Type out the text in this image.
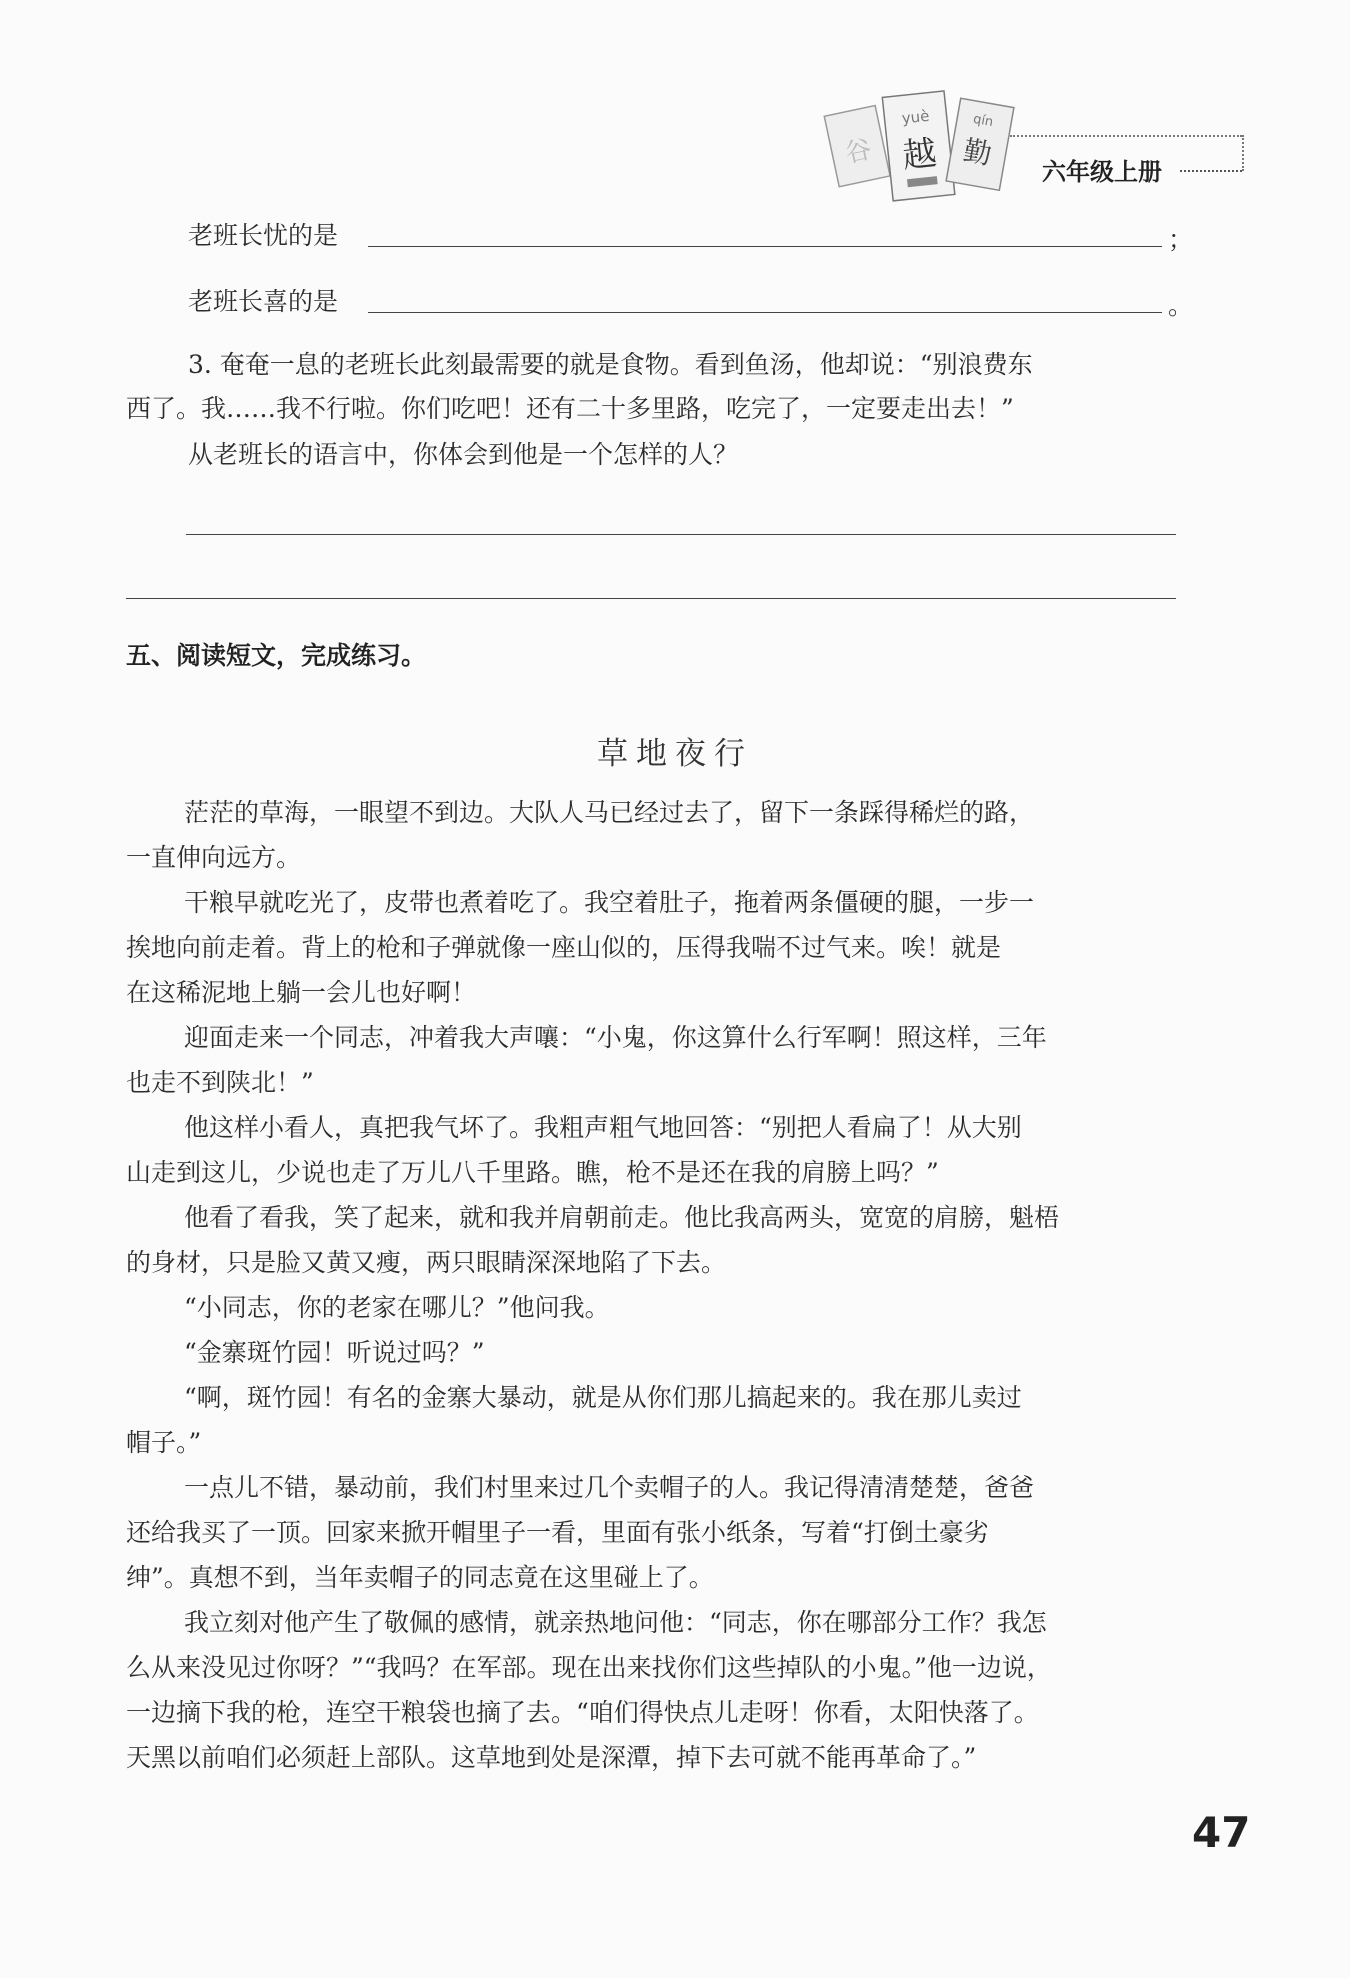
谷
yuè
越
qín
勤
六年级上册
老班长忧的是	；
老班长喜的是	。
3. 奄奄一息的老班长此刻最需要的就是食物。看到鱼汤，他却说：“别浪费东
西了。我……我不行啦。你们吃吧！还有二十多里路，吃完了，一定要走出去！”
从老班长的语言中，你体会到他是一个怎样的人？
五、阅读短文，完成练习。
草地夜行
茫茫的草海，一眼望不到边。大队人马已经过去了，留下一条踩得稀烂的路，
一直伸向远方。
干粮早就吃光了，皮带也煮着吃了。我空着肚子，拖着两条僵硬的腿，一步一
挨地向前走着。背上的枪和子弹就像一座山似的，压得我喘不过气来。唉！就是
在这稀泥地上躺一会儿也好啊！
迎面走来一个同志，冲着我大声嚷：“小鬼，你这算什么行军啊！照这样，三年
也走不到陕北！”
他这样小看人，真把我气坏了。我粗声粗气地回答：“别把人看扁了！从大别
山走到这儿，少说也走了万儿八千里路。瞧，枪不是还在我的肩膀上吗？”
他看了看我，笑了起来，就和我并肩朝前走。他比我高两头，宽宽的肩膀，魁梧
的身材，只是脸又黄又瘦，两只眼睛深深地陷了下去。
“小同志，你的老家在哪儿？”他问我。
“金寨斑竹园！听说过吗？”
“啊，斑竹园！有名的金寨大暴动，就是从你们那儿搞起来的。我在那儿卖过
帽子。”
一点儿不错，暴动前，我们村里来过几个卖帽子的人。我记得清清楚楚，爸爸
还给我买了一顶。回家来掀开帽里子一看，里面有张小纸条，写着“打倒土豪劣
绅”。真想不到，当年卖帽子的同志竟在这里碰上了。
我立刻对他产生了敬佩的感情，就亲热地问他：“同志，你在哪部分工作？我怎
么从来没见过你呀？”“我吗？在军部。现在出来找你们这些掉队的小鬼。”他一边说，
一边摘下我的枪，连空干粮袋也摘了去。“咱们得快点儿走呀！你看，太阳快落了。
天黑以前咱们必须赶上部队。这草地到处是深潭，掉下去可就不能再革命了。”
47
